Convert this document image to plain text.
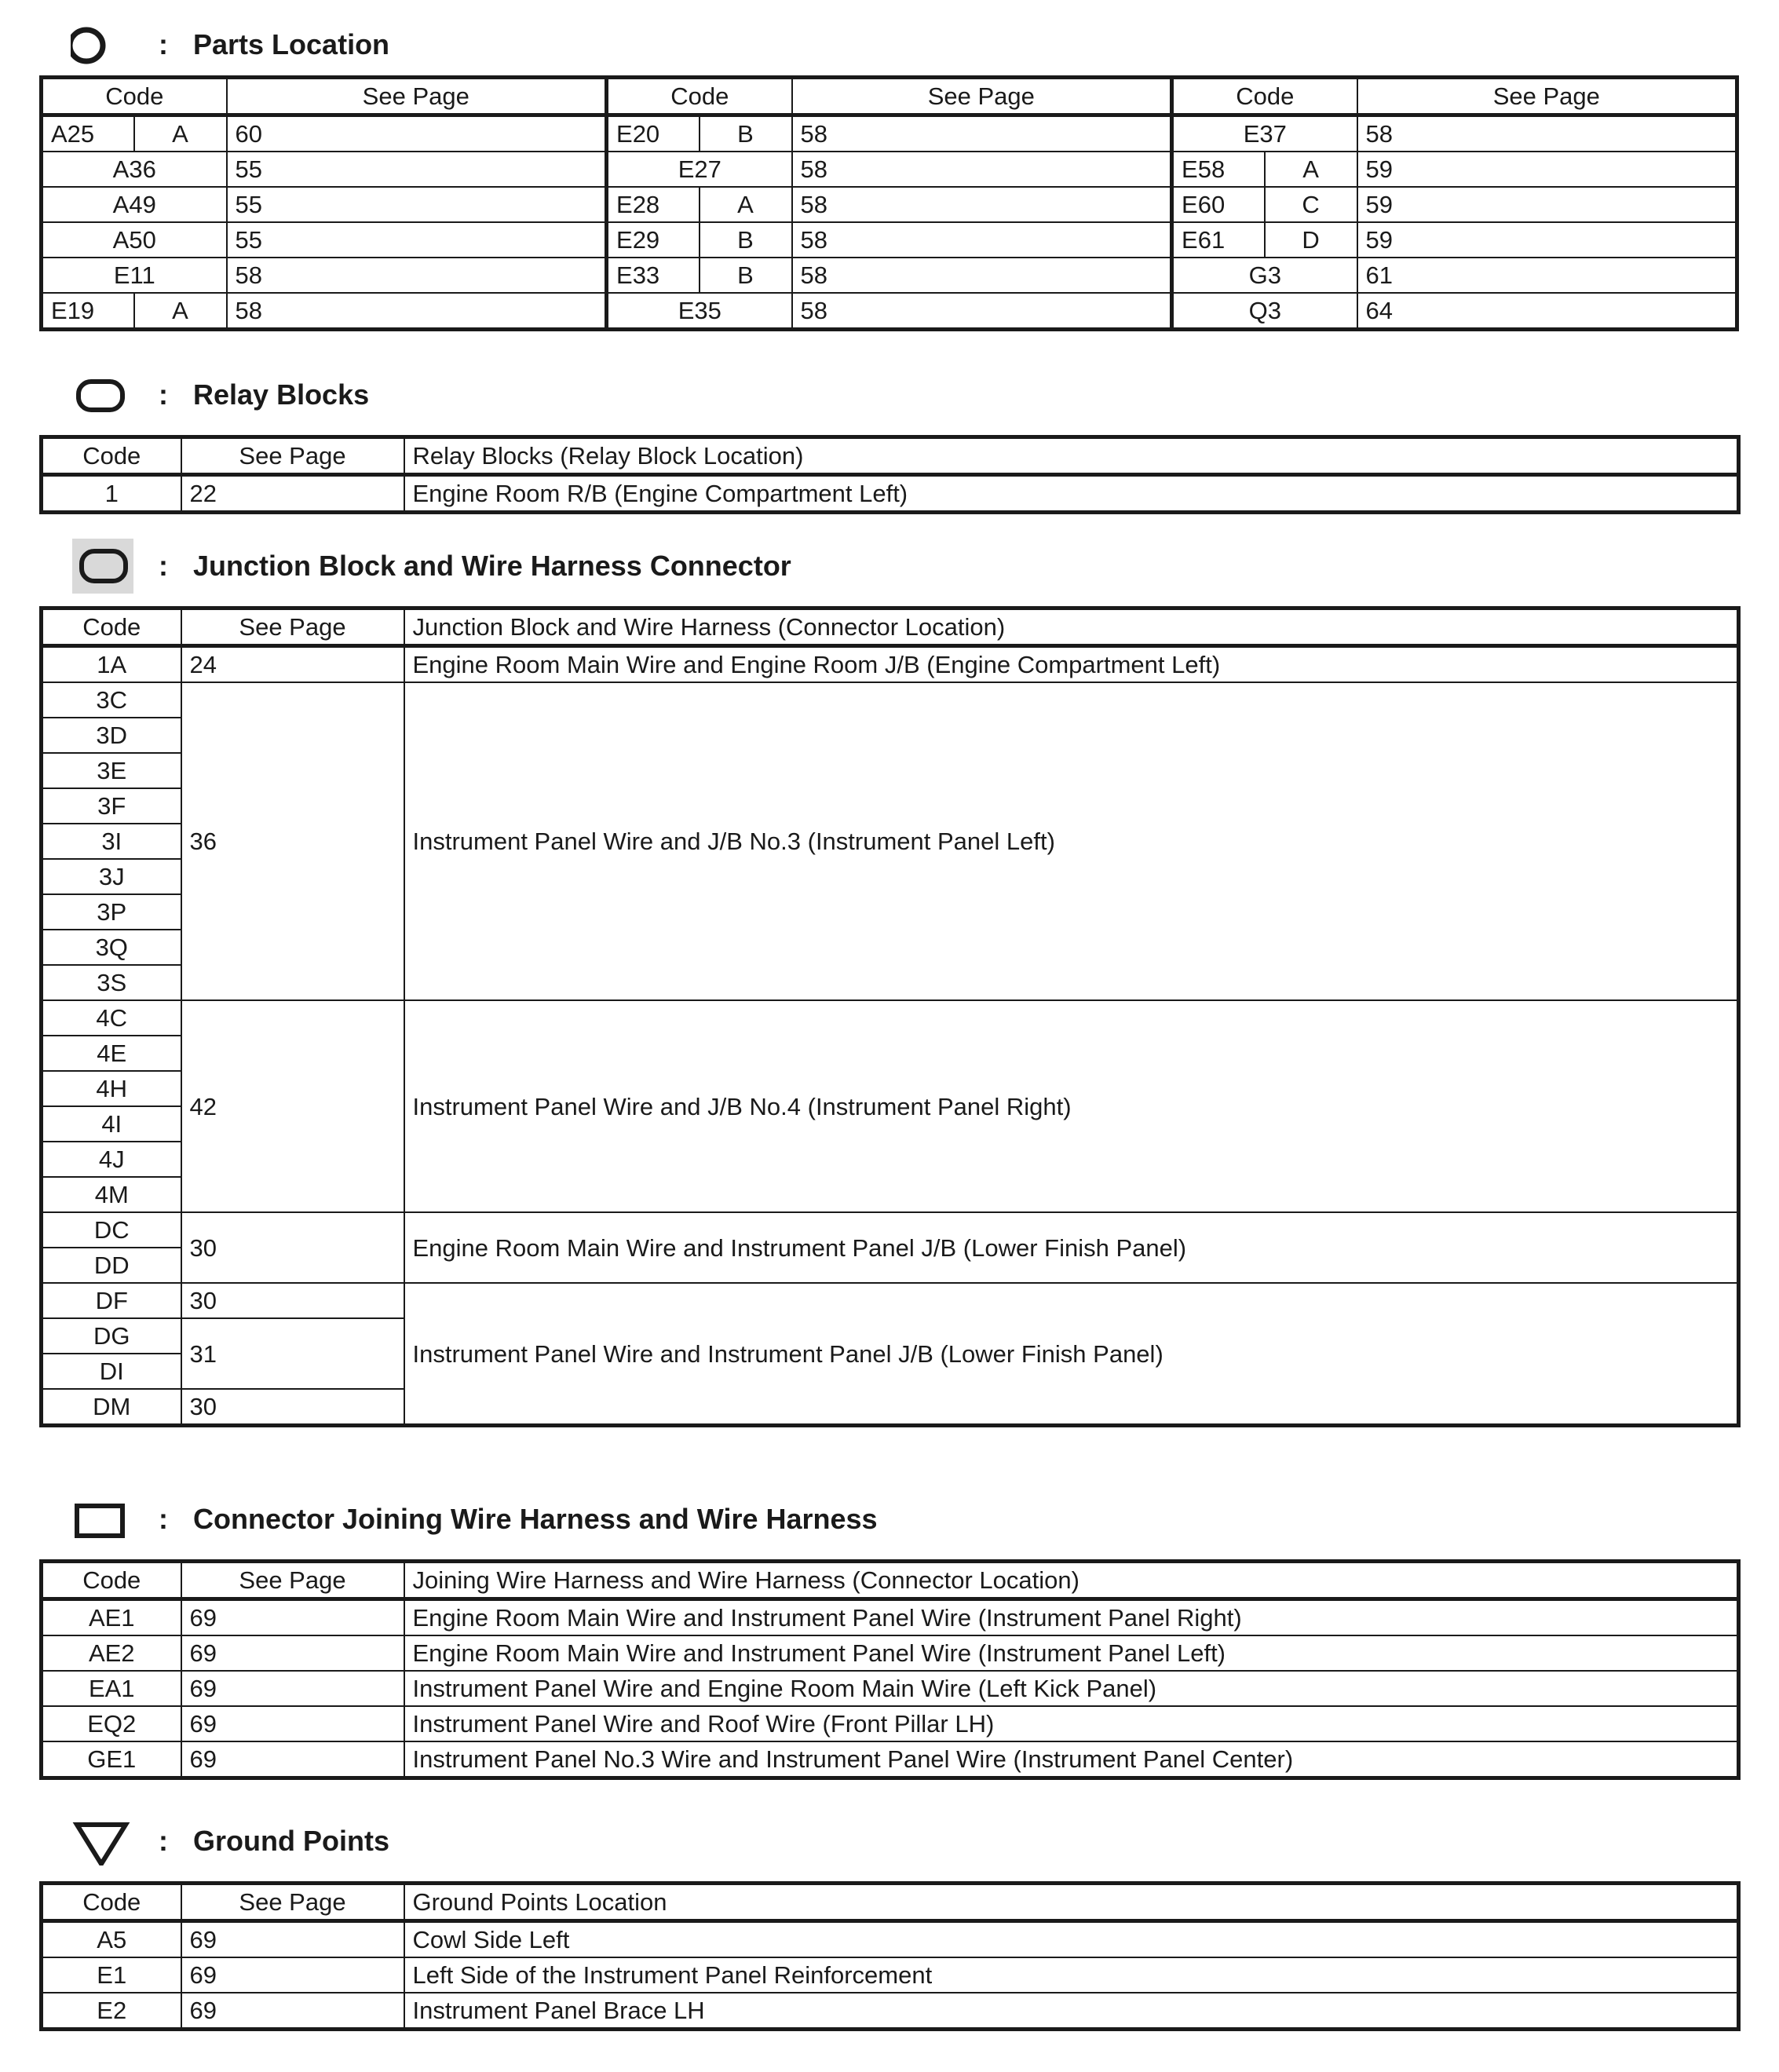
: Parts Location
Code		See Page	Code		See Page	Code		See Page
A25	A	60	E20	B	58	E37		58
A36		55	E27		58	E58	A	59
A49		55	E28	A	58	E60	C	59
A50		55	E29	B	58	E61	D	59
E11		58	E33	B	58	G3		61
E19	A	58	E35		58	Q3		64
: Relay Blocks
Code	See Page	Relay Blocks (Relay Block Location)
1	22	Engine Room R/B (Engine Compartment Left)
: Junction Block and Wire Harness Connector
Code	See Page	Junction Block and Wire Harness (Connector Location)
1A	24	Engine Room Main Wire and Engine Room J/B (Engine Compartment Left)
3C	36	Instrument Panel Wire and J/B No.3 (Instrument Panel Left)
3D		
3E		
3F		
3I		
3J		
3P		
3Q		
3S		
4C	42	Instrument Panel Wire and J/B No.4 (Instrument Panel Right)
4E		
4H		
4I		
4J		
4M		
DC	30	Engine Room Main Wire and Instrument Panel J/B (Lower Finish Panel)
DD		
DF	30	Instrument Panel Wire and Instrument Panel J/B (Lower Finish Panel)
DG	31	
DI		
DM	30	
: Connector Joining Wire Harness and Wire Harness
Code	See Page	Joining Wire Harness and Wire Harness (Connector Location)
AE1	69	Engine Room Main Wire and Instrument Panel Wire (Instrument Panel Right)
AE2	69	Engine Room Main Wire and Instrument Panel Wire (Instrument Panel Left)
EA1	69	Instrument Panel Wire and Engine Room Main Wire (Left Kick Panel)
EQ2	69	Instrument Panel Wire and Roof Wire (Front Pillar LH)
GE1	69	Instrument Panel No.3 Wire and Instrument Panel Wire (Instrument Panel Center)
: Ground Points
Code	See Page	Ground Points Location
A5	69	Cowl Side Left
E1	69	Left Side of the Instrument Panel Reinforcement
E2	69	Instrument Panel Brace LH
